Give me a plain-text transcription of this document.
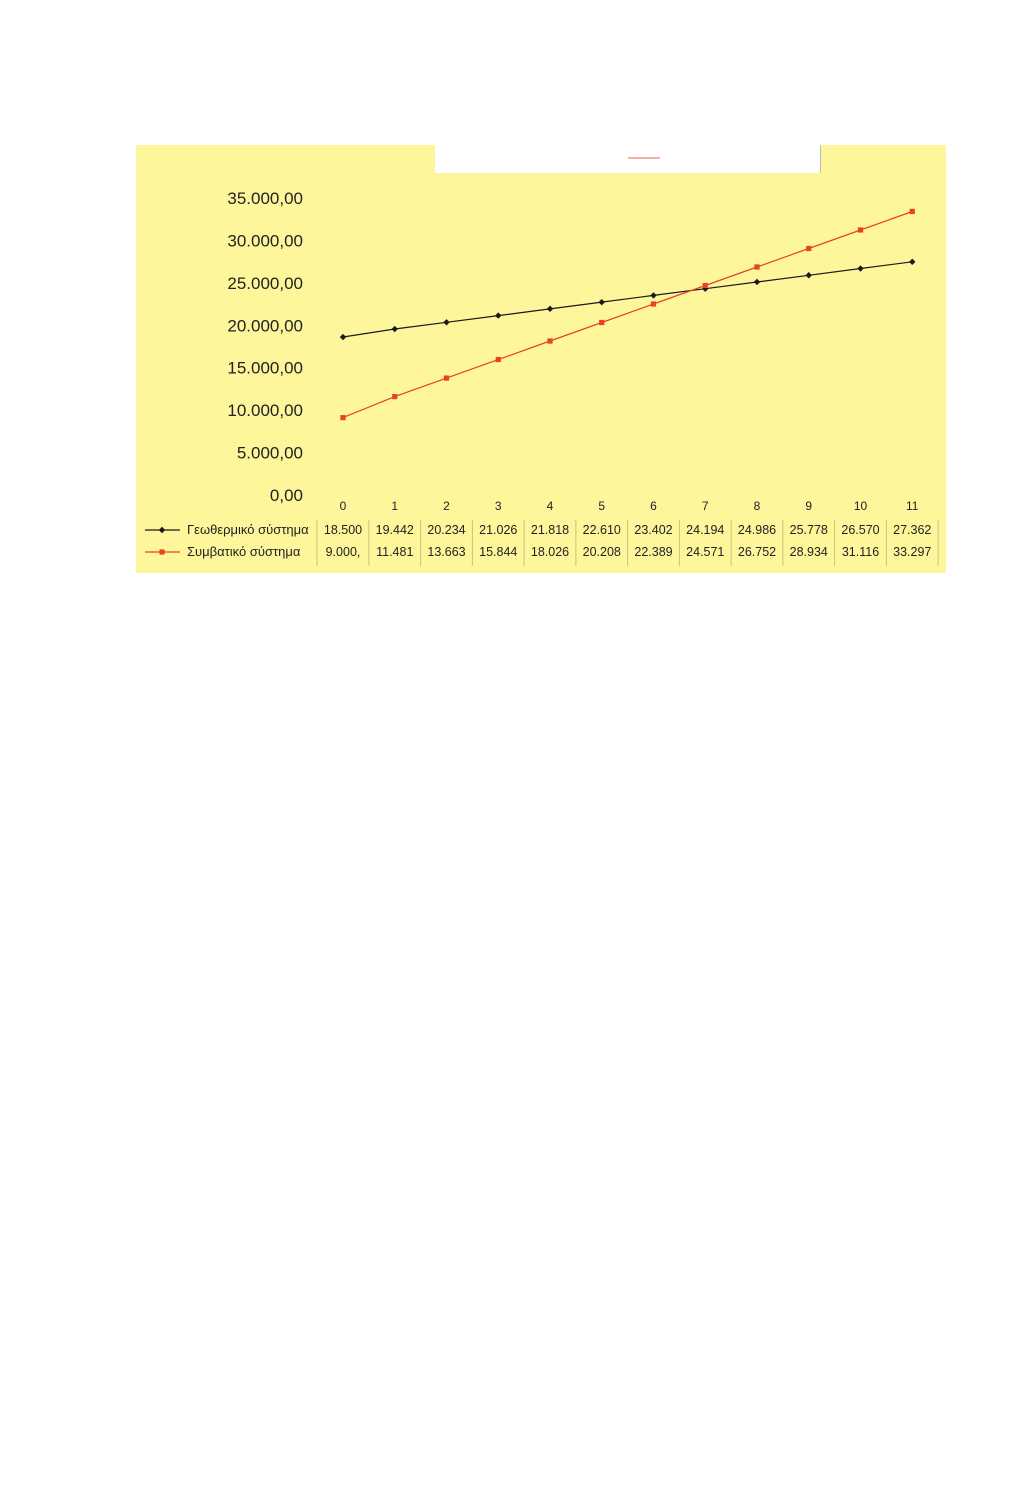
35.000,00
30.000,00
25.000,00
20.000,00
15.000,00
10.000,00
5.000,00
0,00
0	1	2	3	4	5	6	7	8	9	10	11
Γεωθερμικό σύστημα 18.500 19.442 20.234 21.026 21.818 22.610 23.402 24.194 24.986 25.778 26.570 27.362
Συμβατικό σύστημα 9.000, 11.481 13.663 15.844 18.026 20.208 22.389 24.571 26.752 28.934 31.116 33.297
